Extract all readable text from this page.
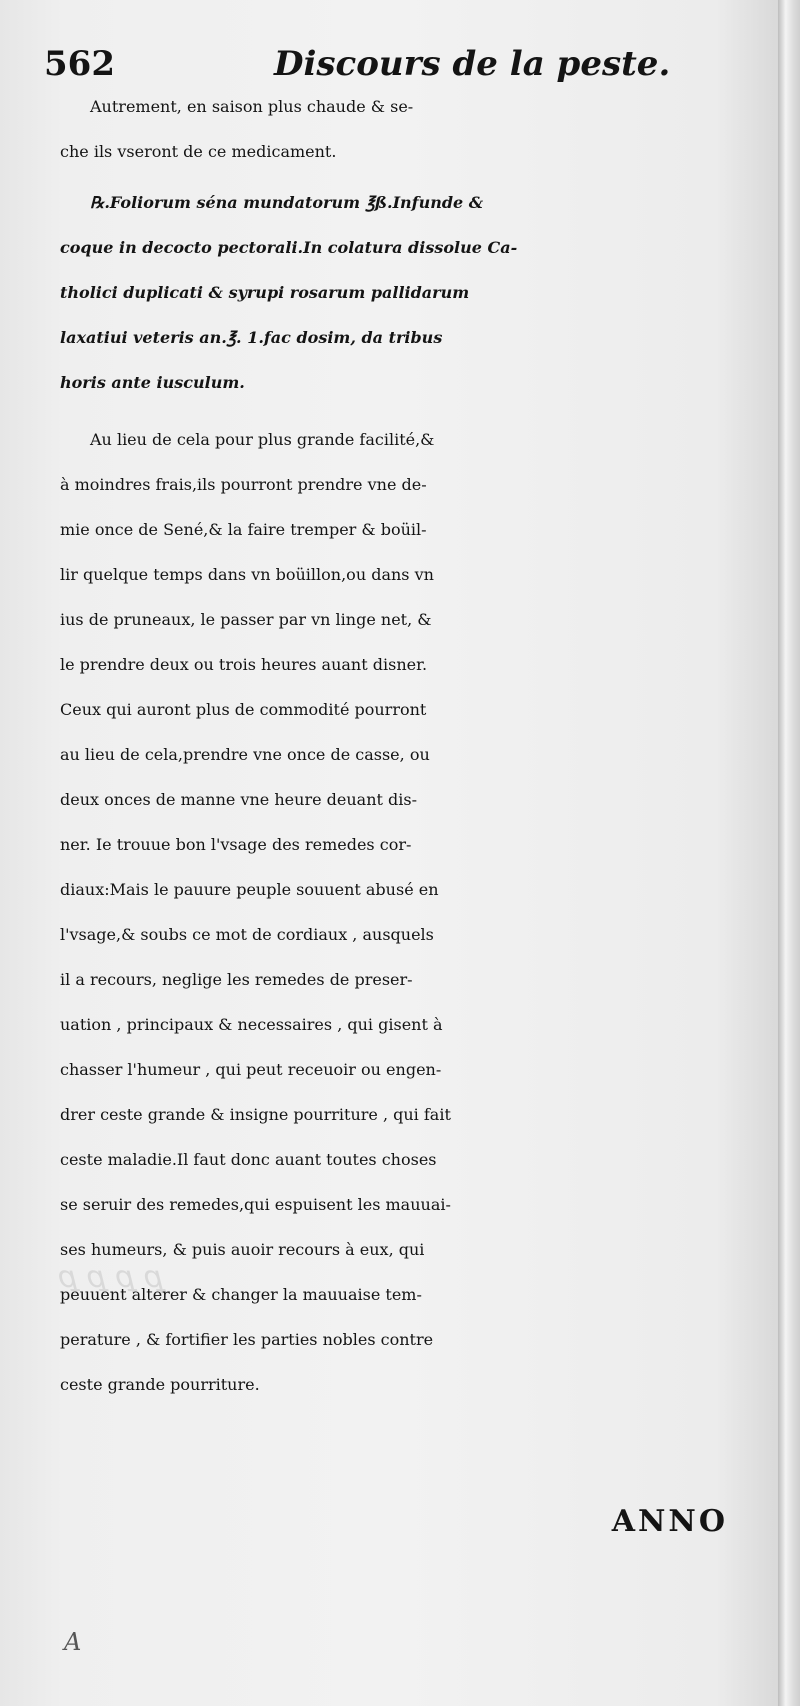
ꝑ ꝑ ꝑ ꝑ
562	Discours de la peste.
Autrement, en saison plus chaude & se-
che ils vseront de ce medicament.
℞.Foliorum séna mundatorum ℥ß.Infunde &
coque in decocto pectorali.In colatura dissolue Ca-
tholici duplicati & syrupi rosarum pallidarum
laxatiui veteris an.℥. 1.fac dosim, da tribus
horis ante iusculum.
Au lieu de cela pour plus grande facilité,&
à moindres frais,ils pourront prendre vne de-
mie once de Sené,& la faire tremper & boüil-
lir quelque temps dans vn boüillon,ou dans vn
ius de pruneaux, le passer par vn linge net, &
le prendre deux ou trois heures auant disner.
Ceux qui auront plus de commodité pourront
au lieu de cela,prendre vne once de casse, ou
deux onces de manne vne heure deuant dis-
ner. Ie trouue bon l'vsage des remedes cor-
diaux:Mais le pauure peuple souuent abusé en
l'vsage,& soubs ce mot de cordiaux , ausquels
il a recours, neglige les remedes de preser-
uation , principaux & necessaires , qui gisent à
chasser l'humeur , qui peut receuoir ou engen-
drer ceste grande & insigne pourriture , qui fait
ceste maladie.Il faut donc auant toutes choses
se seruir des remedes,qui espuisent les mauuai-
ses humeurs, & puis auoir recours à eux, qui
peuuent alterer & changer la mauuaise tem-
perature , & fortifier les parties nobles contre
ceste grande pourriture.
ANNO
A
